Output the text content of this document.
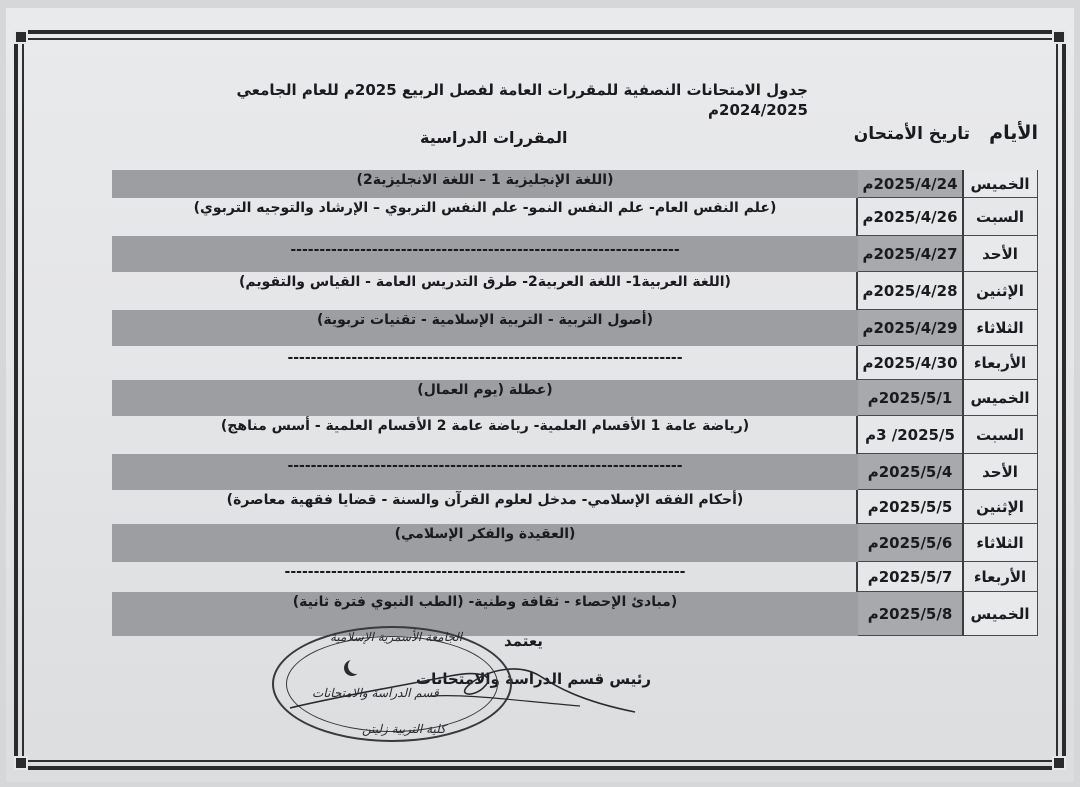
جدول الامتحانات النصفية للمقررات العامة لفصل الربيع 2025م للعام الجامعي 2024/2025م
الأيام
تاريخ الأمتحان
المقررات الدراسية
الخميس
2025/4/24م
(اللغة الإنجليزية 1 – اللغة الانجليزية2)
السبت
2025/4/26م
(علم النفس العام- علم النفس النمو- علم النفس التربوي – الإرشاد والتوجيه التربوي)
الأحد
2025/4/27م
-------------------------------------------------------------------
الإثنين
2025/4/28م
(اللغة العربية1- اللغة العربية2- طرق التدريس العامة - القياس والتقويم)
الثلاثاء
2025/4/29م
(أصول التربية - التربية الإسلامية - تقنيات تربوية)
الأربعاء
2025/4/30م
--------------------------------------------------------------------
الخميس
2025/5/1م
(عطلة (يوم العمال)
السبت
2025/5/ 3م
(رياضة عامة 1 الأقسام العلمية- رياضة عامة 2 الأقسام العلمية - أسس مناهج)
الأحد
2025/5/4م
--------------------------------------------------------------------
الإثنين
2025/5/5م
(أحكام الفقه الإسلامي- مدخل لعلوم القرآن والسنة - قضايا فقهية معاصرة)
الثلاثاء
2025/5/6م
(العقيدة والفكر الإسلامي)
الأربعاء
2025/5/7م
---------------------------------------------------------------------
الخميس
2025/5/8م
(مبادئ الإحصاء - ثقافة وطنية- (الطب النبوي فترة ثانية)
يعتمد
رئيس قسم الدراسة والامتحانات
الجامعة الأسمرية الإسلامية
قسم الدراسة والامتحانات
كلية التربية زليتن
